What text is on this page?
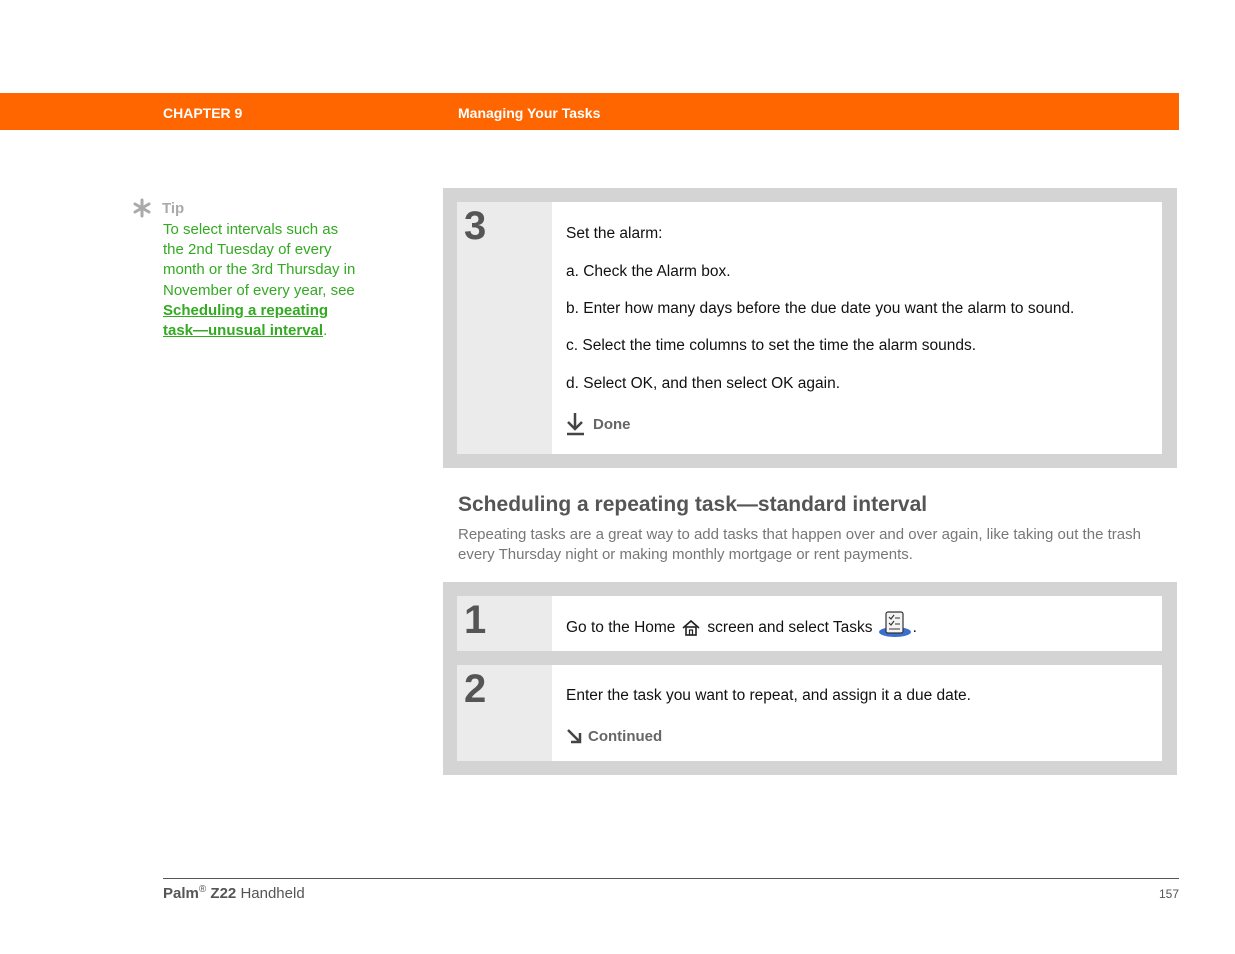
CHAPTER 9	Managing Your Tasks
Tip
To select intervals such as the 2nd Tuesday of every month or the 3rd Thursday in November of every year, see Scheduling a repeating task—unusual interval.
3	Set the alarm:
a. Check the Alarm box.
b. Enter how many days before the due date you want the alarm to sound.
c. Select the time columns to set the time the alarm sounds.
d. Select OK, and then select OK again.
Done
Scheduling a repeating task—standard interval

Repeating tasks are a great way to add tasks that happen over and over again, like taking out the trash every Thursday night or making monthly mortgage or rent payments.

1	Go to the Home screen and select Tasks	.
2	Enter the task you want to repeat, and assign it a due date.
Continued
Palm® Z22 Handheld	157
